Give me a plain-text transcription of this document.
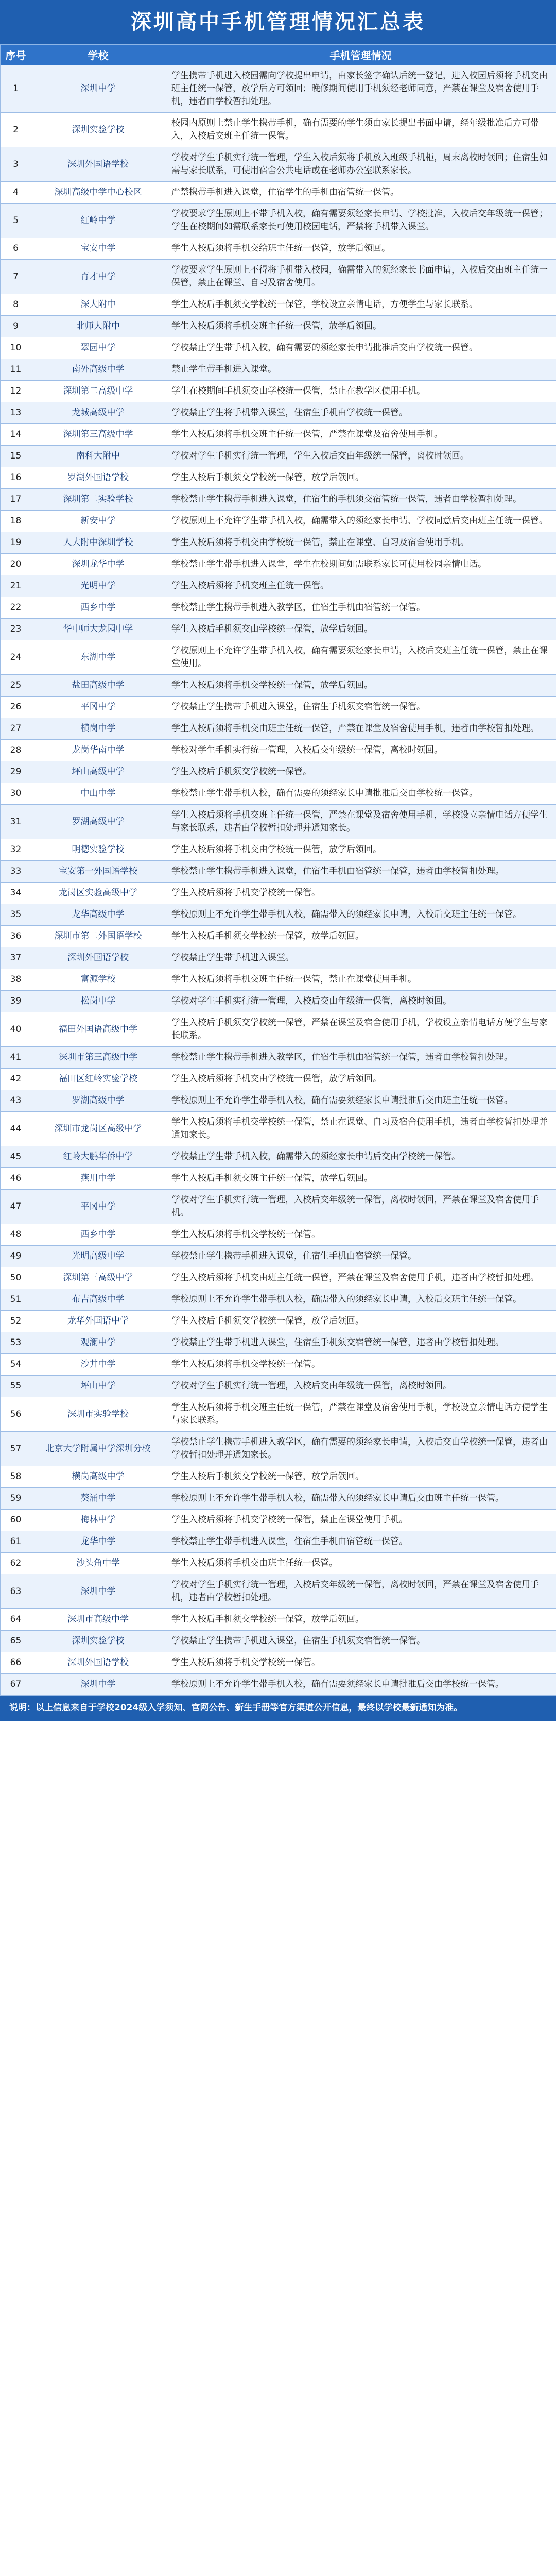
深圳高中手机管理情况汇总表
序号	学校	手机管理情况
1	深圳中学	学生携带手机进入校园需向学校提出申请，由家长签字确认后统一登记，进入校园后须将手机交由班主任统一保管，放学后方可领回；晚修期间使用手机须经老师同意，严禁在课堂及宿舍使用手机，违者由学校暂扣处理。
2	深圳实验学校	校园内原则上禁止学生携带手机，确有需要的学生须由家长提出书面申请，经年级批准后方可带入，入校后交班主任统一保管。
3	深圳外国语学校	学校对学生手机实行统一管理，学生入校后须将手机放入班级手机柜，周末离校时领回；住宿生如需与家长联系，可使用宿舍公共电话或在老师办公室联系家长。
4	深圳高级中学中心校区	严禁携带手机进入课堂，住宿学生的手机由宿管统一保管。
5	红岭中学	学校要求学生原则上不带手机入校，确有需要须经家长申请、学校批准，入校后交年级统一保管；学生在校期间如需联系家长可使用校园电话，严禁将手机带入课堂。
6	宝安中学	学生入校后须将手机交给班主任统一保管，放学后领回。
7	育才中学	学校要求学生原则上不得将手机带入校园，确需带入的须经家长书面申请，入校后交由班主任统一保管，禁止在课堂、自习及宿舍使用。
8	深大附中	学生入校后手机须交学校统一保管，学校设立亲情电话，方便学生与家长联系。
9	北师大附中	学生入校后须将手机交班主任统一保管，放学后领回。
10	翠园中学	学校禁止学生带手机入校，确有需要的须经家长申请批准后交由学校统一保管。
11	南外高级中学	禁止学生带手机进入课堂。
12	深圳第二高级中学	学生在校期间手机须交由学校统一保管，禁止在教学区使用手机。
13	龙城高级中学	学校禁止学生将手机带入课堂，住宿生手机由学校统一保管。
14	深圳第三高级中学	学生入校后须将手机交班主任统一保管，严禁在课堂及宿舍使用手机。
15	南科大附中	学校对学生手机实行统一管理，学生入校后交由年级统一保管，离校时领回。
16	罗湖外国语学校	学生入校后手机须交学校统一保管，放学后领回。
17	深圳第二实验学校	学校禁止学生携带手机进入课堂，住宿生的手机须交宿管统一保管，违者由学校暂扣处理。
18	新安中学	学校原则上不允许学生带手机入校，确需带入的须经家长申请、学校同意后交由班主任统一保管。
19	人大附中深圳学校	学生入校后须将手机交由学校统一保管，禁止在课堂、自习及宿舍使用手机。
20	深圳龙华中学	学校禁止学生带手机进入课堂，学生在校期间如需联系家长可使用校园亲情电话。
21	光明中学	学生入校后须将手机交班主任统一保管。
22	西乡中学	学校禁止学生携带手机进入教学区，住宿生手机由宿管统一保管。
23	华中师大龙园中学	学生入校后手机须交由学校统一保管，放学后领回。
24	东湖中学	学校原则上不允许学生带手机入校，确有需要须经家长申请，入校后交班主任统一保管，禁止在课堂使用。
25	盐田高级中学	学生入校后须将手机交学校统一保管，放学后领回。
26	平冈中学	学校禁止学生携带手机进入课堂，住宿生手机须交宿管统一保管。
27	横岗中学	学生入校后须将手机交由班主任统一保管，严禁在课堂及宿舍使用手机，违者由学校暂扣处理。
28	龙岗华南中学	学校对学生手机实行统一管理，入校后交年级统一保管，离校时领回。
29	坪山高级中学	学生入校后手机须交学校统一保管。
30	中山中学	学校禁止学生带手机入校，确有需要的须经家长申请批准后交由学校统一保管。
31	罗湖高级中学	学生入校后须将手机交班主任统一保管，严禁在课堂及宿舍使用手机，学校设立亲情电话方便学生与家长联系，违者由学校暂扣处理并通知家长。
32	明德实验学校	学生入校后须将手机交由学校统一保管，放学后领回。
33	宝安第一外国语学校	学校禁止学生携带手机进入课堂，住宿生手机由宿管统一保管，违者由学校暂扣处理。
34	龙岗区实验高级中学	学生入校后须将手机交学校统一保管。
35	龙华高级中学	学校原则上不允许学生带手机入校，确需带入的须经家长申请，入校后交班主任统一保管。
36	深圳市第二外国语学校	学生入校后手机须交学校统一保管，放学后领回。
37	深圳外国语学校	学校禁止学生带手机进入课堂。
38	富源学校	学生入校后须将手机交班主任统一保管，禁止在课堂使用手机。
39	松岗中学	学校对学生手机实行统一管理，入校后交由年级统一保管，离校时领回。
40	福田外国语高级中学	学生入校后手机须交学校统一保管，严禁在课堂及宿舍使用手机，学校设立亲情电话方便学生与家长联系。
41	深圳市第三高级中学	学校禁止学生携带手机进入教学区，住宿生手机由宿管统一保管，违者由学校暂扣处理。
42	福田区红岭实验学校	学生入校后须将手机交由学校统一保管，放学后领回。
43	罗湖高级中学	学校原则上不允许学生带手机入校，确有需要须经家长申请批准后交由班主任统一保管。
44	深圳市龙岗区高级中学	学生入校后须将手机交学校统一保管，禁止在课堂、自习及宿舍使用手机，违者由学校暂扣处理并通知家长。
45	红岭大鹏华侨中学	学校禁止学生带手机入校，确需带入的须经家长申请后交由学校统一保管。
46	燕川中学	学生入校后手机须交班主任统一保管，放学后领回。
47	平冈中学	学校对学生手机实行统一管理，入校后交年级统一保管，离校时领回，严禁在课堂及宿舍使用手机。
48	西乡中学	学生入校后须将手机交学校统一保管。
49	光明高级中学	学校禁止学生携带手机进入课堂，住宿生手机由宿管统一保管。
50	深圳第三高级中学	学生入校后须将手机交由班主任统一保管，严禁在课堂及宿舍使用手机，违者由学校暂扣处理。
51	布吉高级中学	学校原则上不允许学生带手机入校，确需带入的须经家长申请，入校后交班主任统一保管。
52	龙华外国语中学	学生入校后手机须交学校统一保管，放学后领回。
53	观澜中学	学校禁止学生带手机进入课堂，住宿生手机须交宿管统一保管，违者由学校暂扣处理。
54	沙井中学	学生入校后须将手机交学校统一保管。
55	坪山中学	学校对学生手机实行统一管理，入校后交由年级统一保管，离校时领回。
56	深圳市实验学校	学生入校后须将手机交班主任统一保管，严禁在课堂及宿舍使用手机，学校设立亲情电话方便学生与家长联系。
57	北京大学附属中学深圳分校	学校禁止学生携带手机进入教学区，确有需要的须经家长申请，入校后交由学校统一保管，违者由学校暂扣处理并通知家长。
58	横岗高级中学	学生入校后手机须交学校统一保管，放学后领回。
59	葵涌中学	学校原则上不允许学生带手机入校，确需带入的须经家长申请后交由班主任统一保管。
60	梅林中学	学生入校后须将手机交学校统一保管，禁止在课堂使用手机。
61	龙华中学	学校禁止学生带手机进入课堂，住宿生手机由宿管统一保管。
62	沙头角中学	学生入校后须将手机交由班主任统一保管。
63	深圳中学	学校对学生手机实行统一管理，入校后交年级统一保管，离校时领回，严禁在课堂及宿舍使用手机，违者由学校暂扣处理。
64	深圳市高级中学	学生入校后手机须交学校统一保管，放学后领回。
65	深圳实验学校	学校禁止学生携带手机进入课堂，住宿生手机须交宿管统一保管。
66	深圳外国语学校	学生入校后须将手机交学校统一保管。
67	深圳中学	学校原则上不允许学生带手机入校，确有需要须经家长申请批准后交由学校统一保管。
说明：以上信息来自于学校2024级入学须知、官网公告、新生手册等官方渠道公开信息，最终以学校最新通知为准。
